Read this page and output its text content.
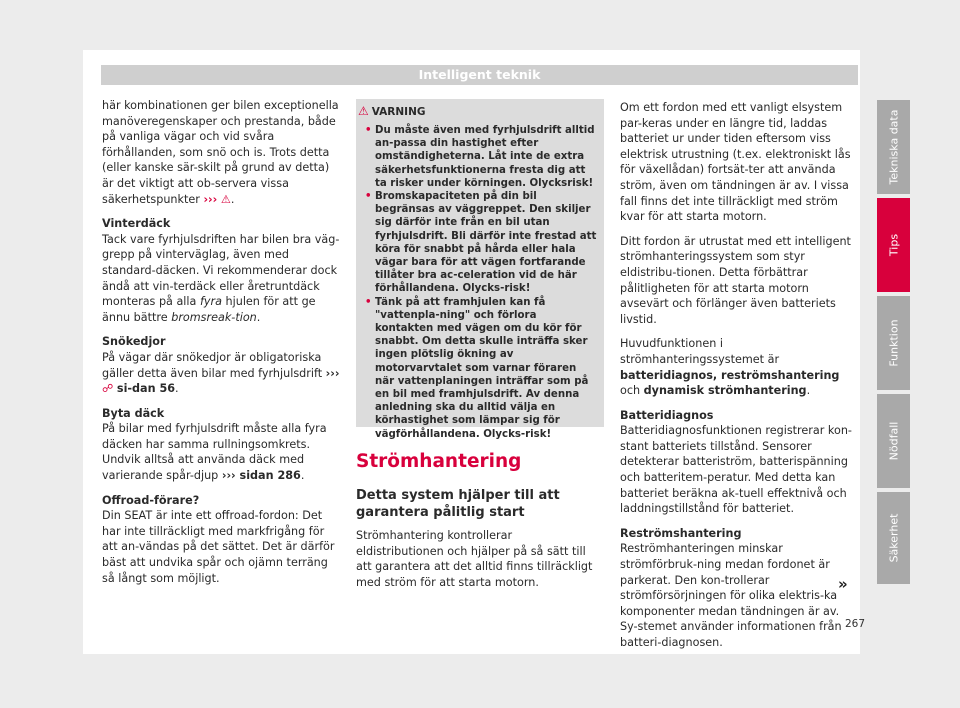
Intelligent teknik

här kombinationen ger bilen exceptionella manöveregenskaper och prestanda, både på vanliga vägar och vid svåra förhållanden, som snö och is. Trots detta (eller kanske sär-skilt på grund av detta) är det viktigt att ob-servera vissa säkerhetspunkter ››› ⚠.

Vinterdäck

Tack vare fyrhjulsdriften har bilen bra väg-grepp på vinterväglag, även med standard-däcken. Vi rekommenderar dock ändå att vin-terdäck eller åretruntdäck monteras på alla fyra hjulen för att ge ännu bättre bromsreak-tion.

Snökedjor

På vägar där snökedjor är obligatoriska gäller detta även bilar med fyrhjulsdrift ››› ☍ si-dan 56.

Byta däck

På bilar med fyrhjulsdrift måste alla fyra däcken har samma rullningsomkrets. Undvik alltså att använda däck med varierande spår-djup ››› sidan 286.

Offroad-förare?

Din SEAT är inte ett offroad-fordon: Det har inte tillräckligt med markfrigång för att an-vändas på det sättet. Det är därför bäst att undvika spår och ojämn terräng så långt som möjligt.

⚠ VARNING
• Du måste även med fyrhjulsdrift alltid an-passa din hastighet efter omständigheterna. Låt inte de extra säkerhetsfunktionerna fresta dig att ta risker under körningen. Olycksrisk!
• Bromskapaciteten på din bil begränsas av väggreppet. Den skiljer sig därför inte från en bil utan fyrhjulsdrift. Bli därför inte frestad att köra för snabbt på hårda eller hala vägar bara för att vägen fortfarande tillåter bra ac-celeration vid de här förhållandena. Olycks-risk!
• Tänk på att framhjulen kan få "vattenpla-ning" och förlora kontakten med vägen om du kör för snabbt. Om detta skulle inträffa sker ingen plötslig ökning av motorvarvtalet som varnar föraren när vattenplaningen inträffar som på en bil med framhjulsdrift. Av denna anledning ska du alltid välja en körhastighet som lämpar sig för vägförhållandena. Olycks-risk!
Strömhantering
Detta system hjälper till att garantera pålitlig start
Strömhantering kontrollerar eldistributionen och hjälper på så sätt till att garantera att det alltid finns tillräckligt med ström för att starta motorn.

Om ett fordon med ett vanligt elsystem par-keras under en längre tid, laddas batteriet ur under tiden eftersom viss elektrisk utrustning (t.ex. elektroniskt lås för växellådan) fortsät-ter att använda ström, även om tändningen är av. I vissa fall finns det inte tillräckligt med ström kvar för att starta motorn.

Ditt fordon är utrustat med ett intelligent strömhanteringssystem som styr eldistribu-tionen. Detta förbättrar pålitligheten för att starta motorn avsevärt och förlänger även batteriets livstid.

Huvudfunktionen i strömhanteringssystemet är batteridiagnos, reströmshantering och dynamisk strömhantering.

Batteridiagnos

Batteridiagnosfunktionen registrerar kon-stant batteriets tillstånd. Sensorer detekterar batteriström, batterispänning och batteritem-peratur. Med detta kan batteriet beräkna ak-tuell effektnivå och laddningstillstånd för batteriet.

Reströmshantering

Reströmhanteringen minskar strömförbruk-ning medan fordonet är parkerat. Den kon-trollerar strömförsörjningen för olika elektris-ka komponenter medan tändningen är av. Sy-stemet använder informationen från batteri-diagnosen.

»
Tekniska data
Tips
Funktion
Nödfall
Säkerhet
267
